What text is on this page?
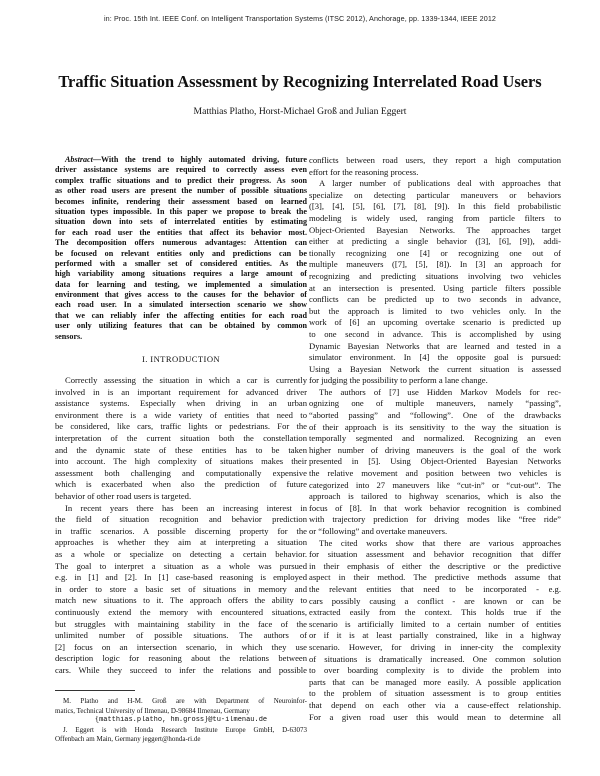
in: Proc. 15th Int. IEEE Conf. on Intelligent Transportation Systems (ITSC 2012), Anchorage, pp. 1339-1344, IEEE 2012
Traffic Situation Assessment by Recognizing Interrelated Road Users
Matthias Platho, Horst-Michael Groß and Julian Eggert
Abstract—With the trend to highly automated driving, future
driver assistance systems are required to correctly assess even
complex traffic situations and to predict their progress. As soon
as other road users are present the number of possible situations
becomes infinite, rendering their assessment based on learned
situation types impossible. In this paper we propose to break the
situation down into sets of interrelated entities by estimating
for each road user the entities that affect its behavior most.
The decomposition offers numerous advantages: Attention can
be focused on relevant entities only and predictions can be
performed with a smaller set of considered entities. As the
high variability among situations requires a large amount of
data for learning and testing, we implemented a simulation
environment that gives access to the causes for the behavior of
each road user. In a simulated intersection scenario we show
that we can reliably infer the affecting entities for each road
user only utilizing features that can be obtained by common
sensors.
I. INTRODUCTION
Correctly assessing the situation in which a car is currently
involved in is an important requirement for advanced driver
assistance systems. Especially when driving in an urban
environment there is a wide variety of entities that need to
be considered, like cars, traffic lights or pedestrians. For the
interpretation of the current situation both the constellation
and the dynamic state of these entities has to be taken
into account. The high complexity of situations makes their
assessment both challenging and computationally expensive
which is exacerbated when also the prediction of future
behavior of other road users is targeted.
In recent years there has been an increasing interest in
the field of situation recognition and behavior prediction
in traffic scenarios. A possible discerning property for the
approaches is whether they aim at interpreting a situation
as a whole or specialize on detecting a certain behavior.
The goal to interpret a situation as a whole was pursued
e.g. in [1] and [2]. In [1] case-based reasoning is employed
in order to store a basic set of situations in memory and
match new situations to it. The approach offers the ability to
continuously extend the memory with encountered situations,
but struggles with maintaining stability in the face of the
unlimited number of possible situations. The authors of
[2] focus on an intersection scenario, in which they use
description logic for reasoning about the relations between
cars. While they succeed to infer the relations and possible
M. Platho and H-M. Groß are with Department of Neuroinfor-
matics, Technical University of Ilmenau, D-98684 Ilmenau, Germany
{matthias.platho, hm.gross}@tu-ilmenau.de
J. Eggert is with Honda Research Institute Europe GmbH, D-63073
Offenbach am Main, Germany jeggert@honda-ri.de
conflicts between road users, they report a high computation
effort for the reasoning process.
A larger number of publications deal with approaches that
specialize on detecting particular maneuvers or behaviors
([3], [4], [5], [6], [7], [8], [9]). In this field probabilistic
modeling is widely used, ranging from particle filters to
Object-Oriented Bayesian Networks. The approaches target
either at predicting a single behavior ([3], [6], [9]), addi-
tionally recognizing one [4] or recognizing one out of
multiple maneuvers ([7], [5], [8]). In [3] an approach for
recognizing and predicting situations involving two vehicles
at an intersection is presented. Using particle filters possible
conflicts can be predicted up to two seconds in advance,
but the approach is limited to two vehicles only. In the
work of [6] an upcoming overtake scenario is predicted up
to one second in advance. This is accomplished by using
Dynamic Bayesian Networks that are learned and tested in a
simulator environment. In [4] the opposite goal is pursued:
Using a Bayesian Network the current situation is assessed
for judging the possibility to perform a lane change.
The authors of [7] use Hidden Markov Models for rec-
ognizing one of multiple maneuvers, namely “passing”,
“aborted passing” and “following”. One of the drawbacks
of their approach is its sensitivity to the way the situation is
temporally segmented and normalized. Recognizing an even
higher number of driving maneuvers is the goal of the work
presented in [5]. Using Object-Oriented Bayesian Networks
the relative movement and position between two vehicles is
categorized into 27 maneuvers like “cut-in” or “cut-out”. The
approach is tailored to highway scenarios, which is also the
focus of [8]. In that work behavior recognition is combined
with trajectory prediction for driving modes like “free ride”
or “following” and overtake maneuvers.
The cited works show that there are various approaches
for situation assessment and behavior recognition that differ
in their emphasis of either the descriptive or the predictive
aspect in their method. The predictive methods assume that
the relevant entities that need to be incorporated - e.g.
cars possibly causing a conflict - are known or can be
extracted easily from the context. This holds true if the
scenario is artificially limited to a certain number of entities
or if it is at least partially constrained, like in a highway
scenario. However, for driving in inner-city the complexity
of situations is dramatically increased. One common solution
to over boarding complexity is to divide the problem into
parts that can be managed more easily. A possible application
to the problem of situation assessment is to group entities
that depend on each other via a cause-effect relationship.
For a given road user this would mean to determine all
